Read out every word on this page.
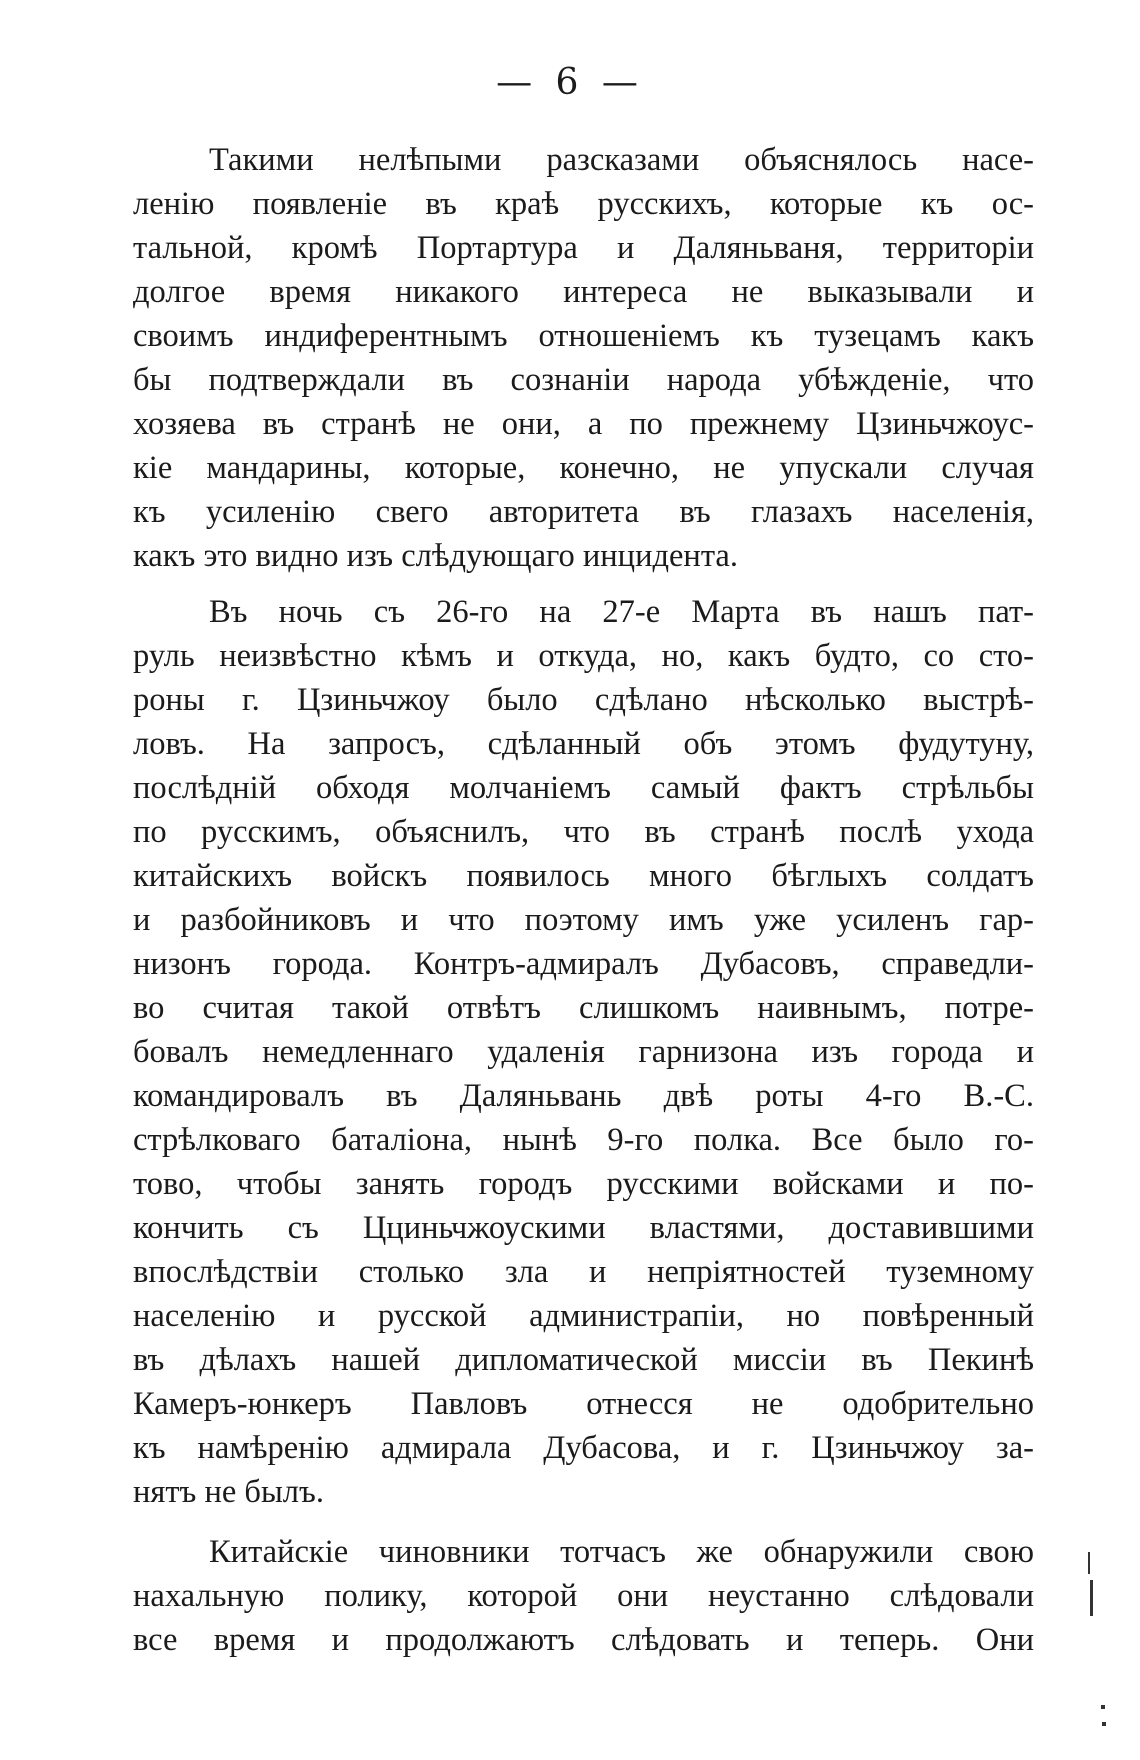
— 6 —
Такими нелѣпыми разсказами объяснялось насе-
ленію появленіе въ краѣ русскихъ, которые къ ос-
тальной, кромѣ Портартура и Даляньваня, территоріи
долгое время никакого интереса не выказывали и
своимъ индиферентнымъ отношеніемъ къ тузецамъ какъ
бы подтверждали въ сознаніи народа убѣжденіе, что
хозяева въ странѣ не они, а по прежнему Цзиньчжоус-
кіе мандарины, которые, конечно, не упускали случая
къ усиленію свего авторитета въ глазахъ населенія,
какъ это видно изъ слѣдующаго инцидента.
Въ ночь съ 26-го на 27-е Марта въ нашъ пат-
руль неизвѣстно кѣмъ и откуда, но, какъ будто, со сто-
роны г. Цзиньчжоу было сдѣлано нѣсколько выстрѣ-
ловъ. На запросъ, сдѣланный объ этомъ фудутуну,
послѣдній обходя молчаніемъ самый фактъ стрѣльбы
по русскимъ, объяснилъ, что въ странѣ послѣ ухода
китайскихъ войскъ появилось много бѣглыхъ солдатъ
и разбойниковъ и что поэтому имъ уже усиленъ гар-
низонъ города. Контръ-адмиралъ Дубасовъ, справедли-
во считая такой отвѣтъ слишкомъ наивнымъ, потре-
бовалъ немедленнаго удаленія гарнизона изъ города и
командировалъ въ Даляньвань двѣ роты 4-го В.-С.
стрѣлковаго баталіона, нынѣ 9-го полка. Все было го-
тово, чтобы занять городъ русскими войсками и по-
кончить съ Цциньчжоускими властями, доставившими
впослѣдствіи столько зла и непріятностей туземному
населенію и русской администрапіи, но повѣренный
въ дѣлахъ нашей дипломатической миссіи въ Пекинѣ
Камеръ-юнкеръ Павловъ отнесся не одобрительно
къ намѣренію адмирала Дубасова, и г. Цзиньчжоу за-
нятъ не былъ.
Китайскіе чиновники тотчасъ же обнаружили свою
нахальную полику, которой они неустанно слѣдовали
все время и продолжаютъ слѣдовать и теперь. Они
